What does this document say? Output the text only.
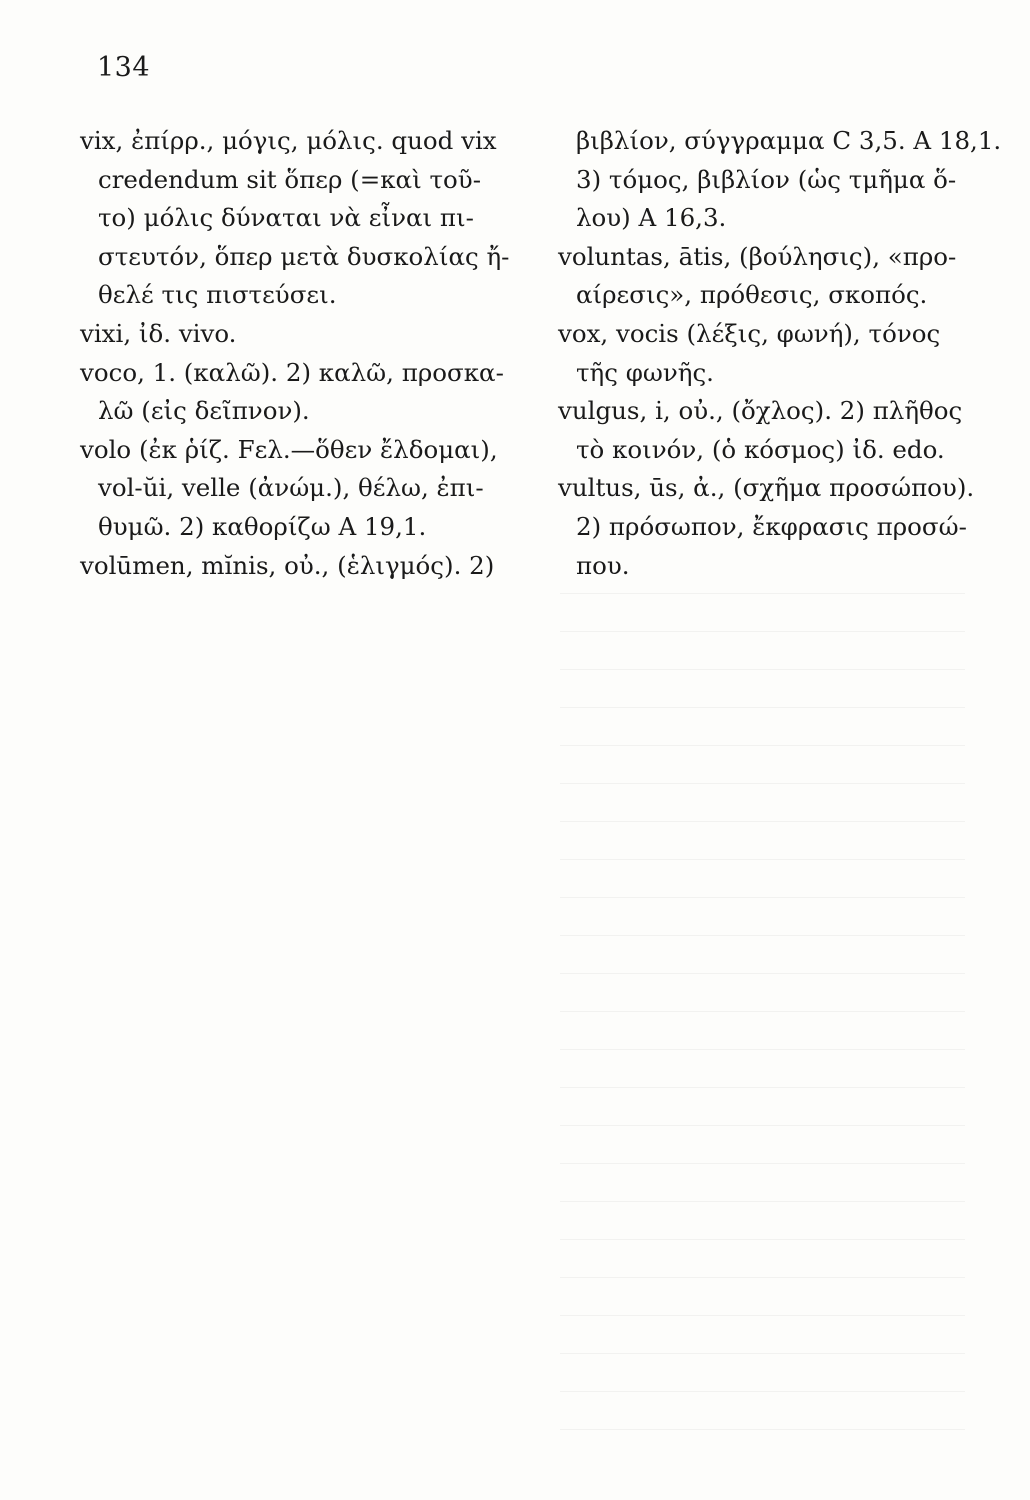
134
vix, ἐπίρρ., μόγις, μόλις. quod vix
credendum sit ὅπερ (=καὶ τοῦ-
το) μόλις δύναται νὰ εἶναι πι-
στευτόν, ὅπερ μετὰ δυσκολίας ἤ-
θελέ τις πιστεύσει.
vixi, ἰδ. vivo.
voco, 1. (καλῶ). 2) καλῶ, προσκα-
λῶ (εἰς δεῖπνον).
volo (ἐκ ῥίζ. Fελ.—ὅθεν ἔλδομαι),
vol-ŭi, velle (ἀνώμ.), θέλω, ἐπι-
θυμῶ. 2) καθορίζω A 19,1.
volūmen, mĭnis, οὐ., (ἑλιγμός). 2)
βιβλίον, σύγγραμμα C 3,5. A 18,1.
3) τόμος, βιβλίον (ὡς τμῆμα ὅ-
λου) A 16,3.
voluntas, ātis, (βούλησις), «προ-
αίρεσις», πρόθεσις, σκοπός.
vox, vocis (λέξις, φωνή), τόνος
τῆς φωνῆς.
vulgus, i, οὐ., (ὄχλος). 2) πλῆθος
τὸ κοινόν, (ὁ κόσμος) ἰδ. edo.
vultus, ūs, ἀ., (σχῆμα προσώπου).
2) πρόσωπον, ἔκφρασις προσώ-
που.
